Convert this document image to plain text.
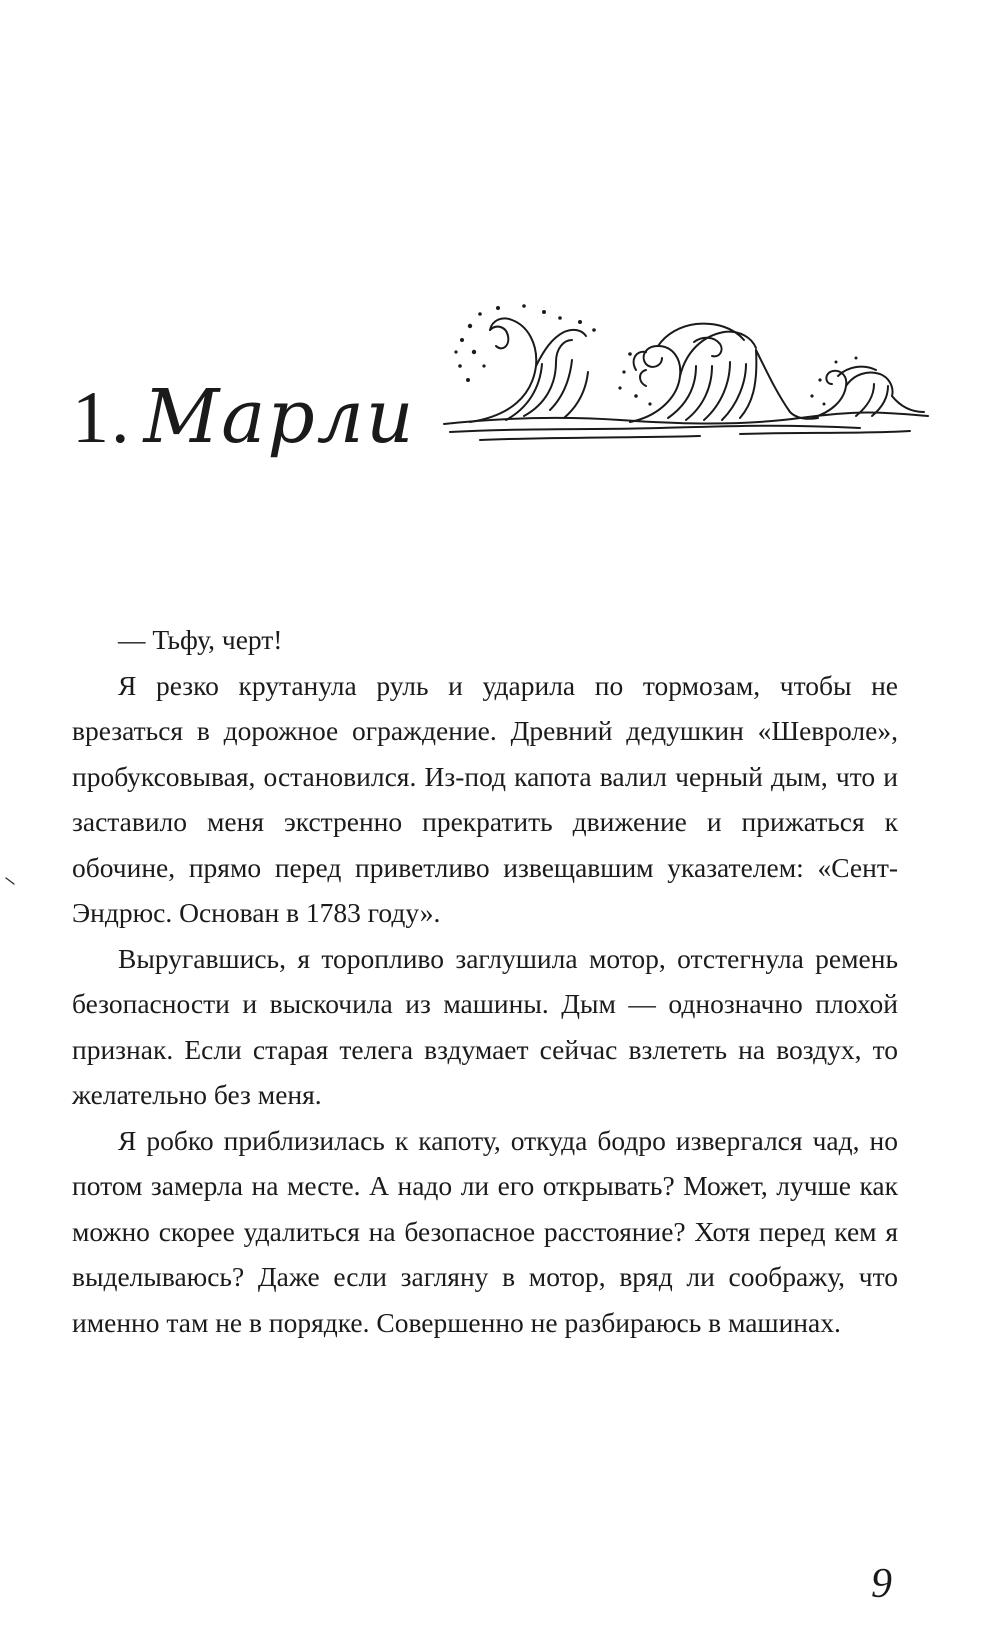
1. Марли

— Тьфу, черт!

Я резко крутанула руль и ударила по тормозам, чтобы не врезаться в дорожное ограждение. Древний дедушкин «Шевроле», пробуксовывая, остановился. Из-под капота валил черный дым, что и заставило меня экстренно прекратить движение и прижаться к обочине, прямо перед приветливо извещавшим указателем: «Сент-Эндрюс. Основан в 1783 году».

Выругавшись, я торопливо заглушила мотор, отстегнула ремень безопасности и выскочила из машины. Дым — однозначно плохой признак. Если старая телега вздумает сейчас взлететь на воздух, то желательно без меня.

Я робко приблизилась к капоту, откуда бодро извергался чад, но потом замерла на месте. А надо ли его открывать? Может, лучше как можно скорее удалиться на безопасное расстояние? Хотя перед кем я выделываюсь? Даже если загляну в мотор, вряд ли соображу, что именно там не в порядке. Совершенно не разбираюсь в машинах.

9
